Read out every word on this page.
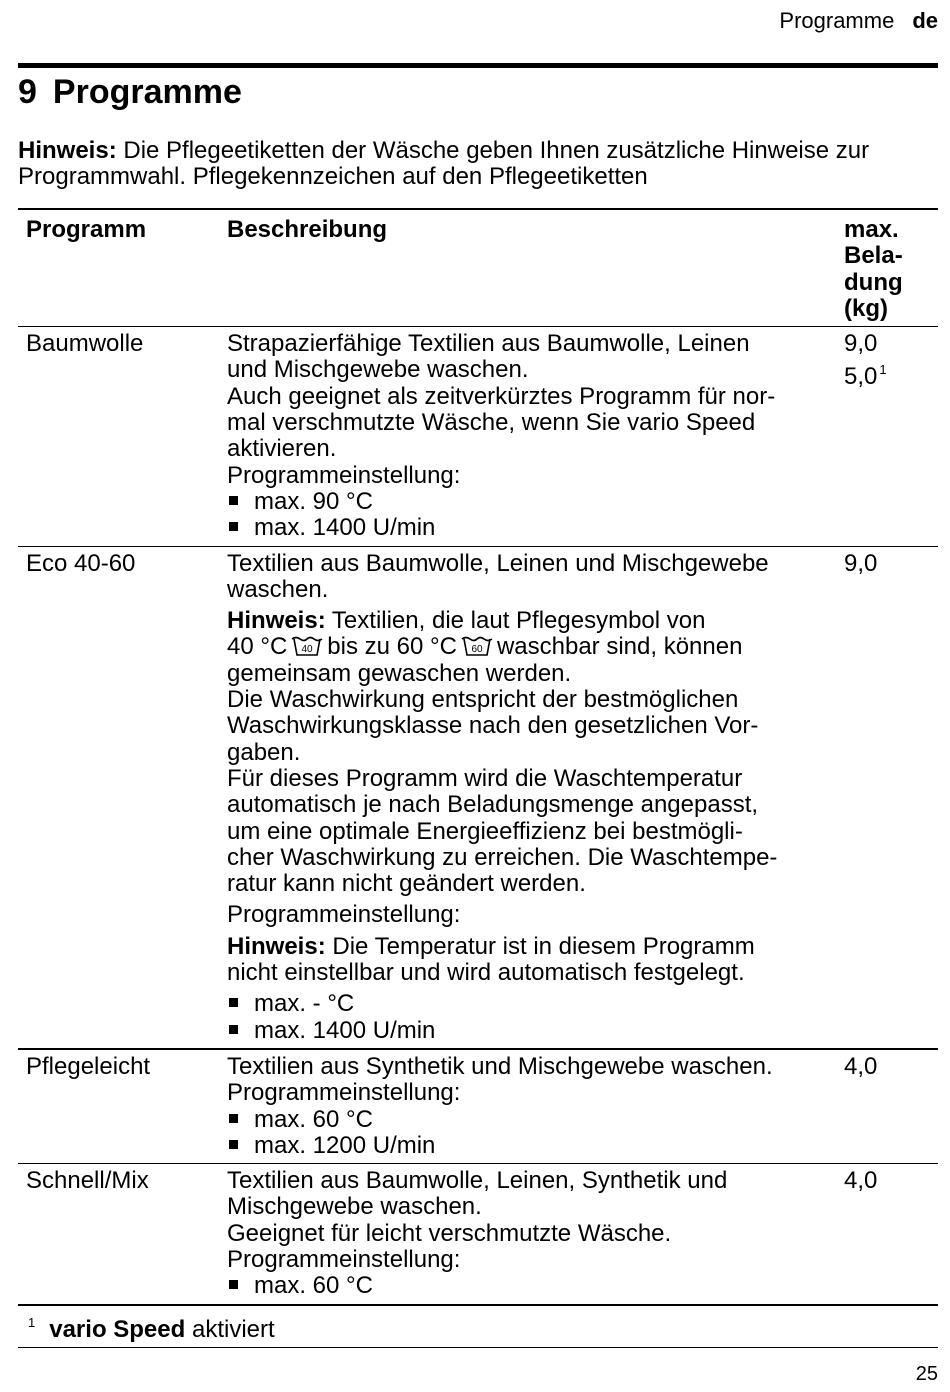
Programme de
9 Programme

Hinweis: Die Pflegeetiketten der Wäsche geben Ihnen zusätzliche Hinweise zur Programmwahl. Pflegekennzeichen auf den Pflegeetiketten

Programm	Beschreibung	max.
Bela-
dung
(kg)
Baumwolle	Strapazierfähige Textilien aus Baumwolle, Leinen
und Mischgewebe waschen.
Auch geeignet als zeitverkürztes Programm für nor-
mal verschmutzte Wäsche, wenn Sie vario Speed
aktivieren.
Programmeinstellung:
max. 90 °C
max. 1400 U/min
9,0
5,0 $^1$
Eco 40-60	Textilien aus Baumwolle, Leinen und Mischgewebe
waschen.
Hinweis: Textilien, die laut Pflegesymbol von
40 °C 40 bis zu 60 °C 60 waschbar sind, können
gemeinsam gewaschen werden.
Die Waschwirkung entspricht der bestmöglichen
Waschwirkungsklasse nach den gesetzlichen Vor-
gaben.
Für dieses Programm wird die Waschtemperatur
automatisch je nach Beladungsmenge angepasst,
um eine optimale Energieeffizienz bei bestmögli-
cher Waschwirkung zu erreichen. Die Waschtempe-
ratur kann nicht geändert werden.
Programmeinstellung:
Hinweis: Die Temperatur ist in diesem Programm
nicht einstellbar und wird automatisch festgelegt.
max. - °C
max. 1400 U/min
9,0
Pflegeleicht	Textilien aus Synthetik und Mischgewebe waschen.
Programmeinstellung:
max. 60 °C
max. 1200 U/min
4,0
Schnell/Mix	Textilien aus Baumwolle, Leinen, Synthetik und
Mischgewebe waschen.
Geeignet für leicht verschmutzte Wäsche.
Programmeinstellung:
max. 60 °C
4,0
$^1$ vario Speed aktiviert
25
